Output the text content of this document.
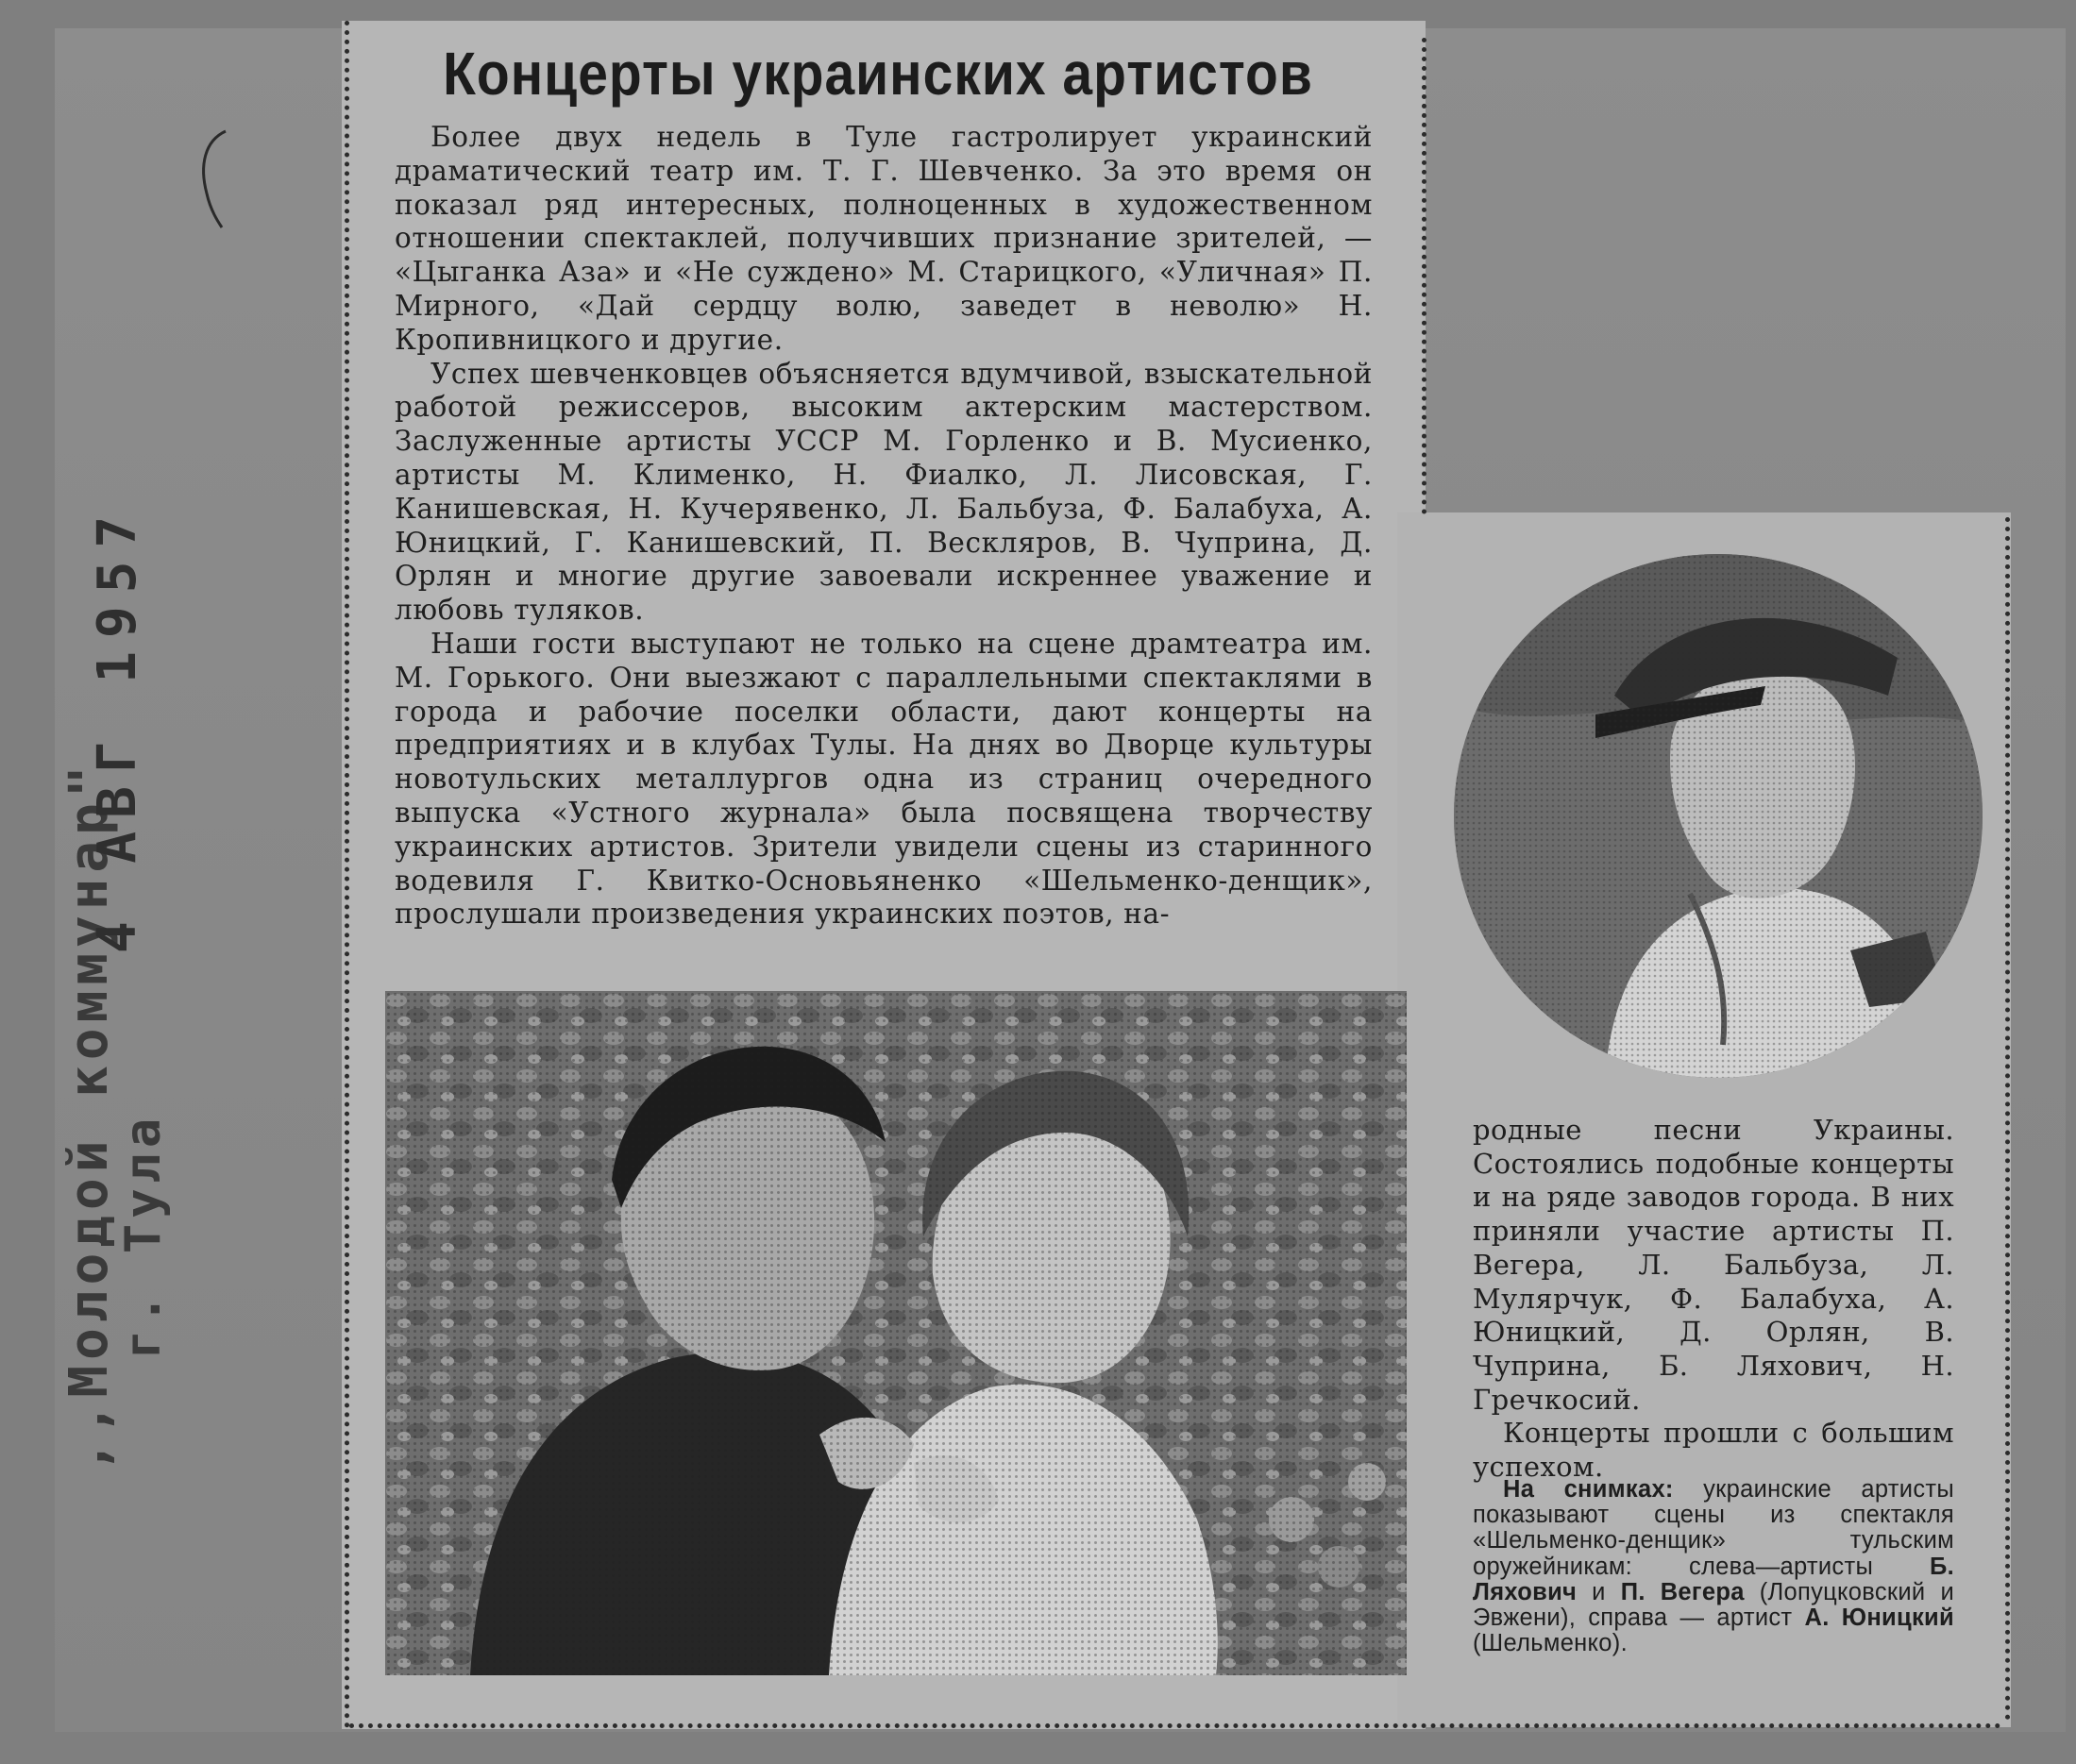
,,Молодой коммунар"
г. Тула
4 АВГ 1957
Концерты украинских артистов

Более двух недель в Туле гастролирует украинский драматический театр им. Т. Г. Шевченко. За это время он показал ряд интересных, полноценных в художественном отношении спектаклей, получивших признание зрителей, — «Цыганка Аза» и «Не суждено» М. Старицкого, «Уличная» П. Мирного, «Дай сердцу волю, заведет в неволю» Н. Кропивницкого и другие.

Успех шевченковцев объясняется вдумчивой, взыскательной работой режиссеров, высоким актерским мастерством. Заслуженные артисты УССР М. Горленко и В. Мусиенко, артисты М. Клименко, Н. Фиалко, Л. Лисовская, Г. Канишевская, Н. Кучерявенко, Л. Бальбуза, Ф. Балабуха, А. Юницкий, Г. Канишевский, П. Весклярoв, В. Чуприна, Д. Орлян и многие другие завоевали искреннее уважение и любовь туляков.

Наши гости выступают не только на сцене драмтеатра им. М. Горького. Они выезжают с параллельными спектаклями в города и рабочие поселки области, дают концерты на предприятиях и в клубах Тулы. На днях во Дворце культуры новотульских металлургов одна из страниц очередного выпуска «Устного журнала» была посвящена творчеству украинских артистов. Зрители увидели сцены из старинного водевиля Г. Квитко-Основьяненко «Шельменко-денщик», прослушали произведения украинских поэтов, на-

родные песни Украины. Состоялись подобные концерты и на ряде заводов города. В них приняли участие артисты П. Вегера, Л. Бальбуза, Л. Мулярчук, Ф. Балабуха, А. Юницкий, Д. Орлян, В. Чуприна, Б. Ляхович, Н. Гречкосий.

Концерты прошли с большим успехом.

На снимках: украинские артисты показывают сцены из спектакля «Шельменко-денщик» тульским оружейникам: слева—артисты Б. Ляхович и П. Вегера (Лопуцковский и Эвжени), справа — артист А. Юницкий (Шельменко).
